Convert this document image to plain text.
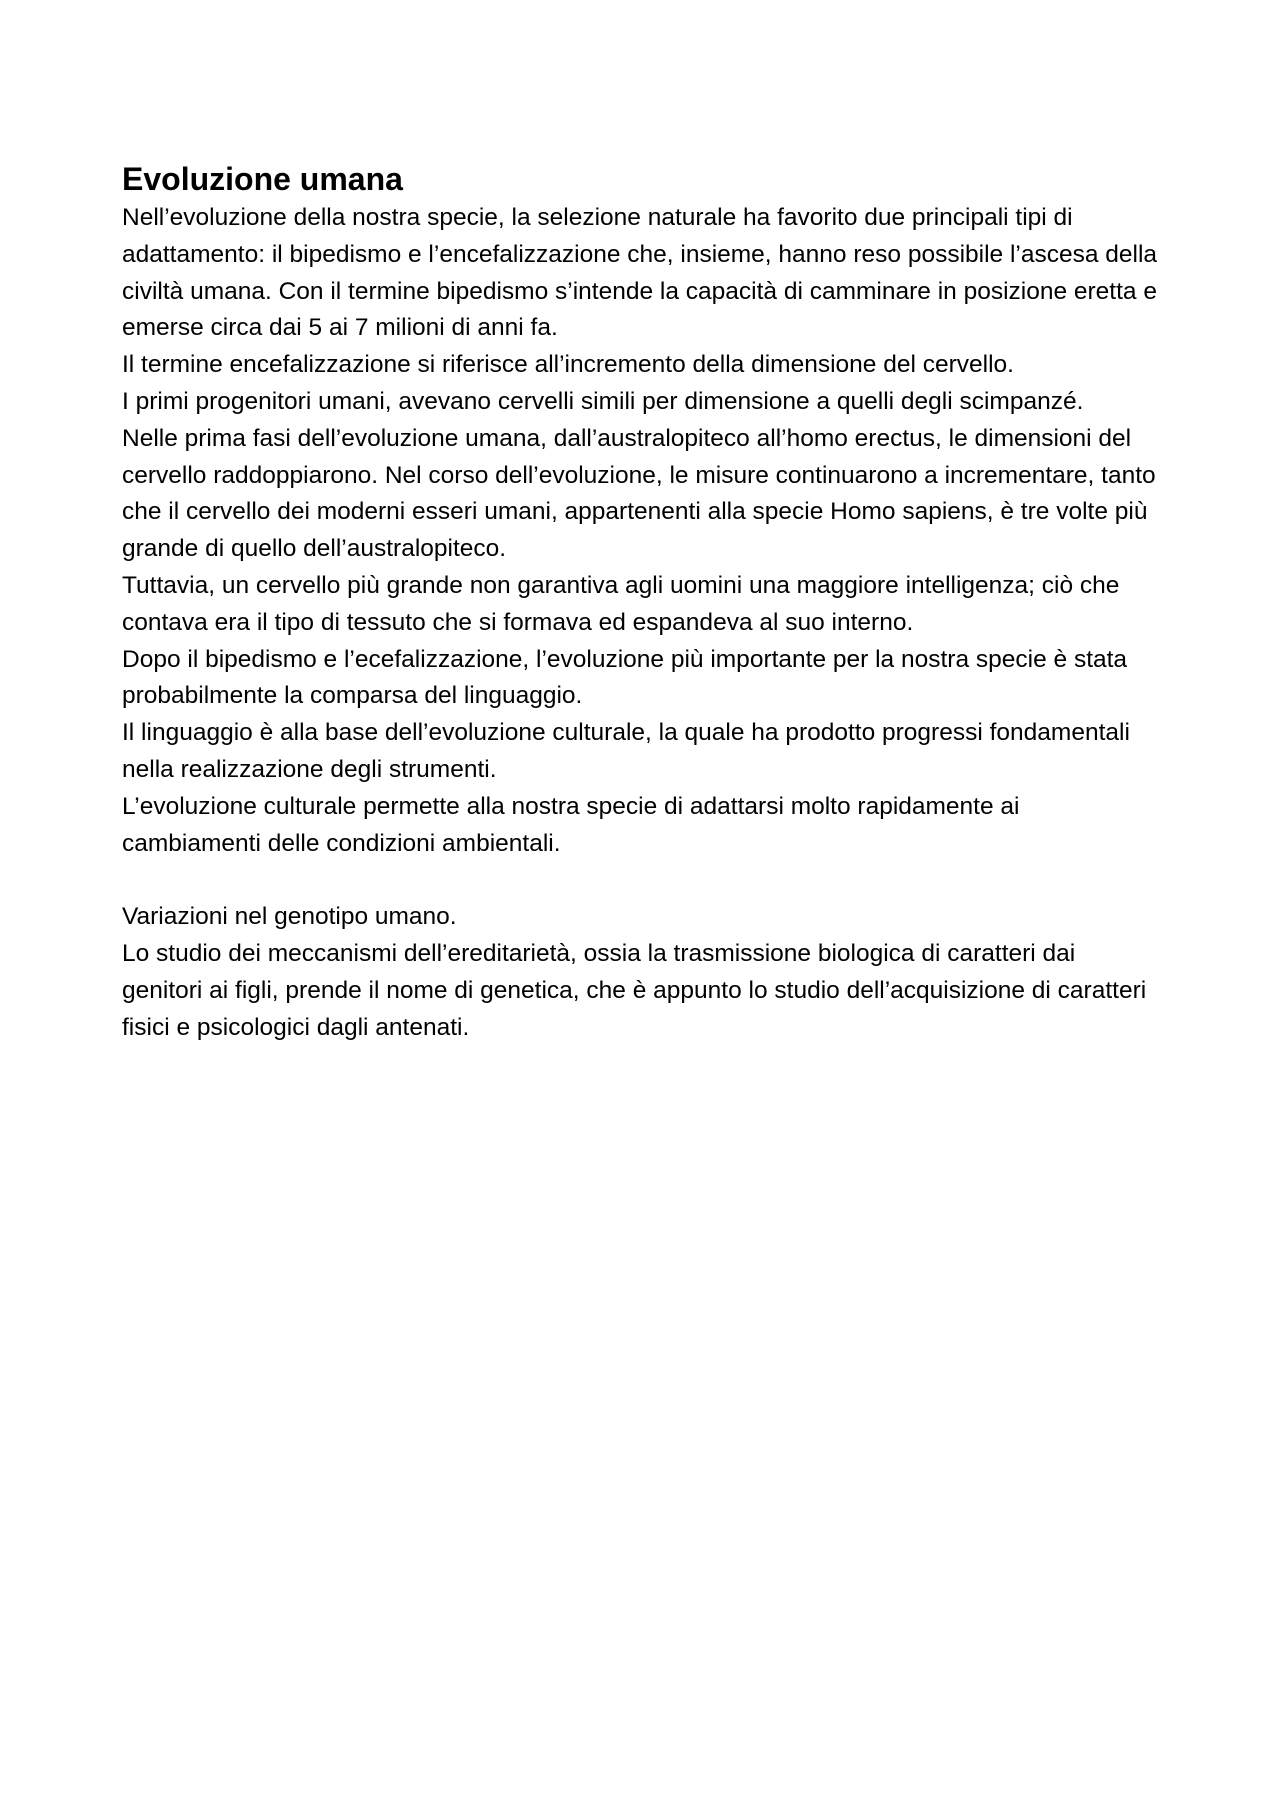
Evoluzione umana

Nell’evoluzione della nostra specie, la selezione naturale ha favorito due principali tipi di adattamento: il bipedismo e l’encefalizzazione che, insieme, hanno reso possibile l’ascesa della civiltà umana. Con il termine bipedismo s’intende la capacità di camminare in posizione eretta e emerse circa dai 5 ai 7 milioni di anni fa.

Il termine encefalizzazione si riferisce all’incremento della dimensione del cervello.

I primi progenitori umani, avevano cervelli simili per dimensione a quelli degli scimpanzé.

Nelle prima fasi dell’evoluzione umana, dall’australopiteco all’homo erectus, le dimensioni del cervello raddoppiarono. Nel corso dell’evoluzione, le misure continuarono a incrementare, tanto che il cervello dei moderni esseri umani, appartenenti alla specie Homo sapiens, è tre volte più grande di quello dell’australopiteco.

Tuttavia, un cervello più grande non garantiva agli uomini una maggiore intelligenza; ciò che contava era il tipo di tessuto che si formava ed espandeva al suo interno.

Dopo il bipedismo e l’ecefalizzazione, l’evoluzione più importante per la nostra specie è stata probabilmente la comparsa del linguaggio.

Il linguaggio è alla base dell’evoluzione culturale, la quale ha prodotto progressi fondamentali nella realizzazione degli strumenti.

L’evoluzione culturale permette alla nostra specie di adattarsi molto rapidamente ai cambiamenti delle condizioni ambientali.

Variazioni nel genotipo umano.

Lo studio dei meccanismi dell’ereditarietà, ossia la trasmissione biologica di caratteri dai genitori ai figli, prende il nome di genetica, che è appunto lo studio dell’acquisizione di caratteri fisici e psicologici dagli antenati.
